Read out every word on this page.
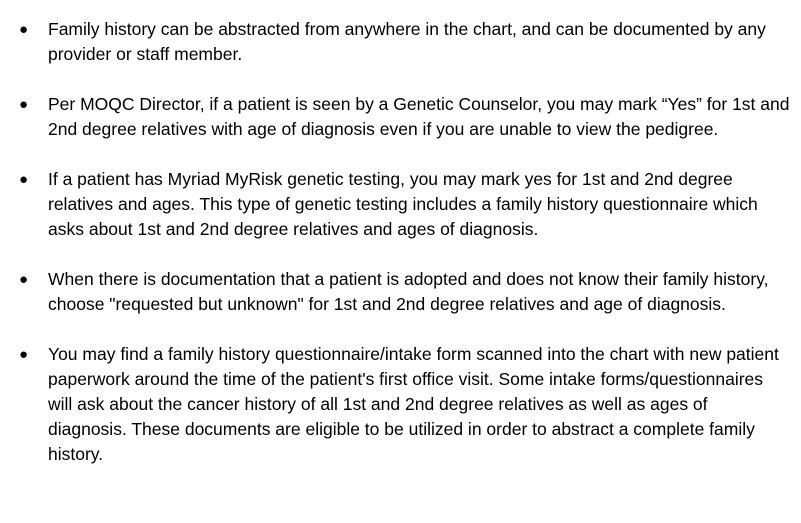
● Family history can be abstracted from anywhere in the chart, and can be documented by any provider or staff member.
● Per MOQC Director, if a patient is seen by a Genetic Counselor, you may mark “Yes” for 1st and 2nd degree relatives with age of diagnosis even if you are unable to view the pedigree.
● If a patient has Myriad MyRisk genetic testing, you may mark yes for 1st and 2nd degree relatives and ages. This type of genetic testing includes a family history questionnaire which asks about 1st and 2nd degree relatives and ages of diagnosis.
● When there is documentation that a patient is adopted and does not know their family history, choose "requested but unknown" for 1st and 2nd degree relatives and age of diagnosis.
● You may find a family history questionnaire/intake form scanned into the chart with new patient paperwork around the time of the patient's first office visit. Some intake forms/questionnaires will ask about the cancer history of all 1st and 2nd degree relatives as well as ages of diagnosis. These documents are eligible to be utilized in order to abstract a complete family history.
